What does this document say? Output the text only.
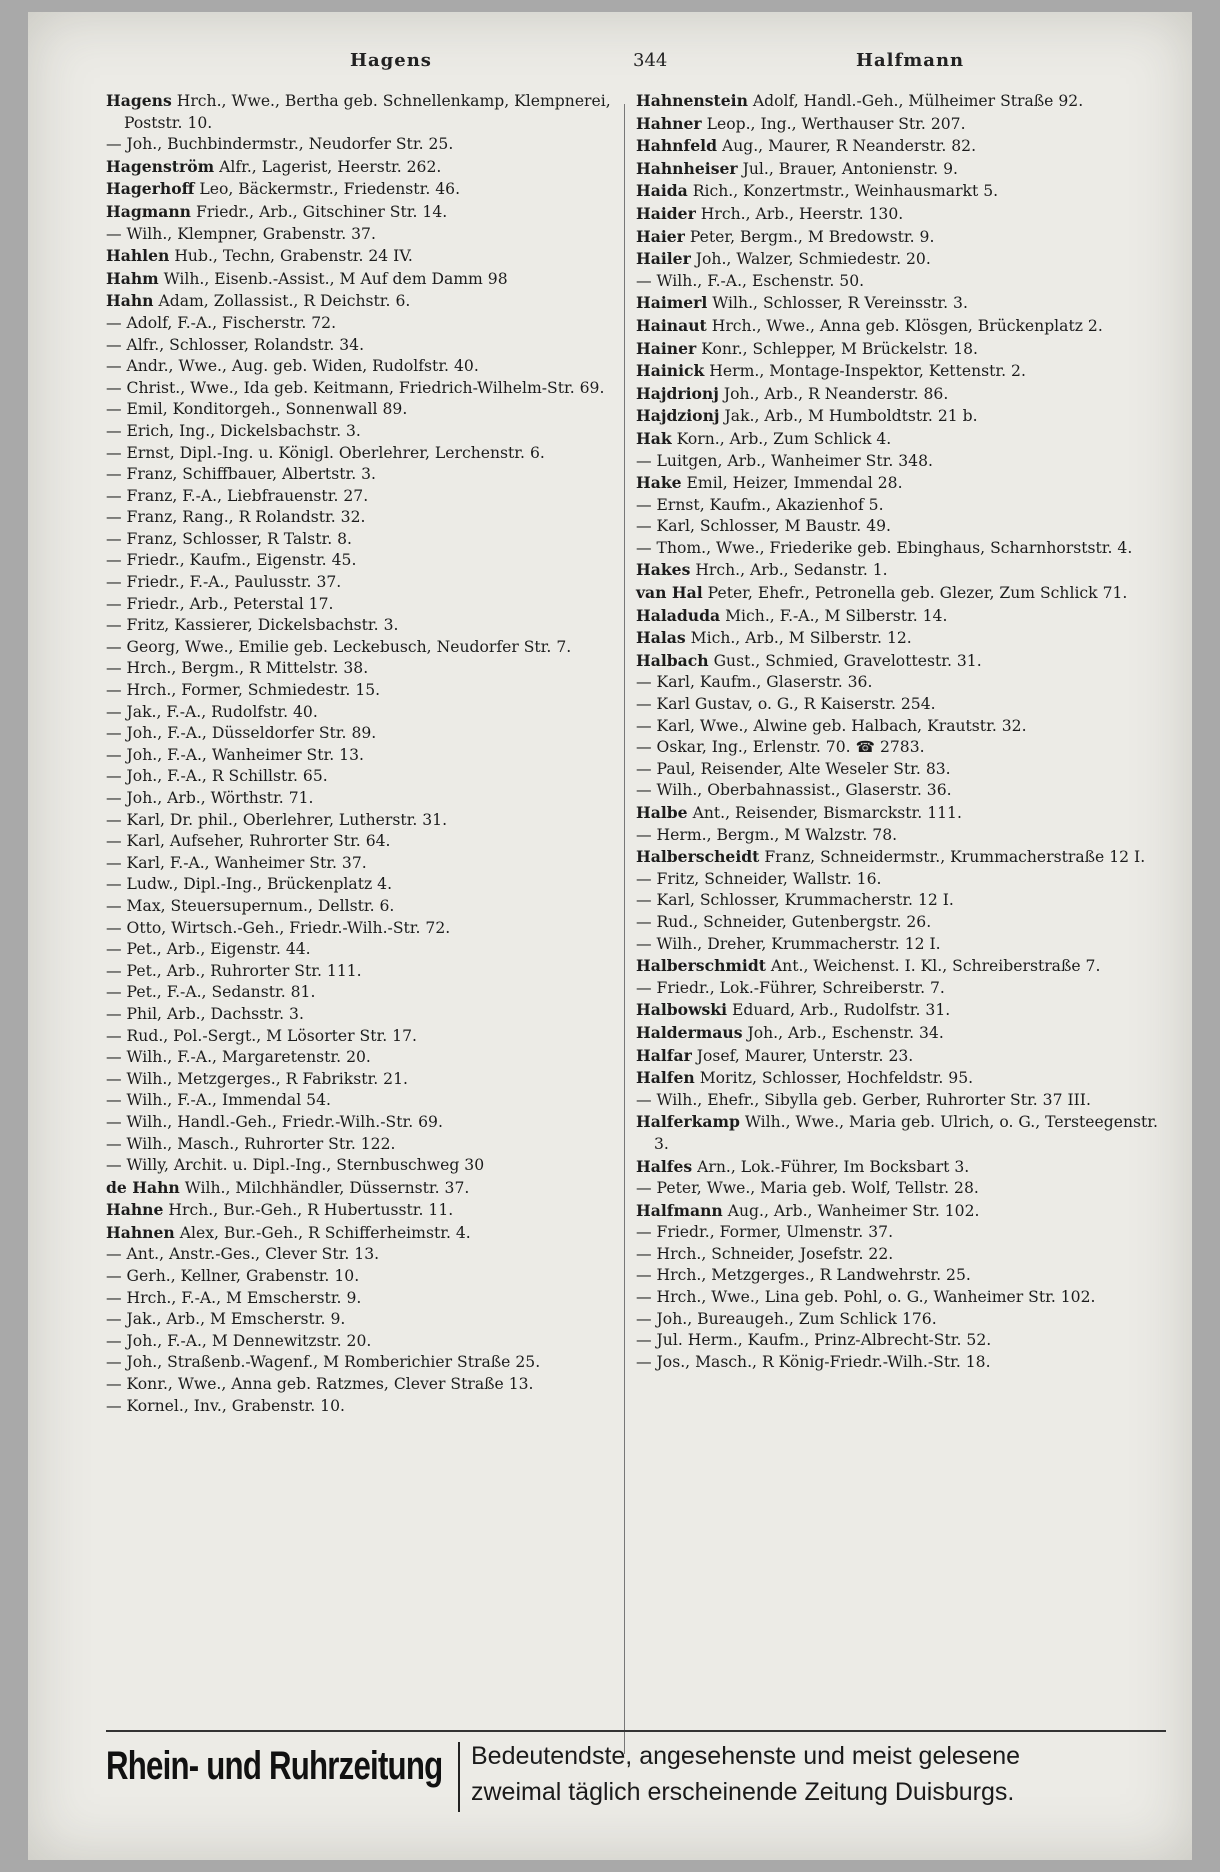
Hagens	344	Halfmann
Hagens Hrch., Wwe., Bertha geb. Schnellenkamp, Klempnerei, Poststr. 10.
— Joh., Buchbindermstr., Neudorfer Str. 25.
Hagenström Alfr., Lagerist, Heerstr. 262.
Hagerhoff Leo, Bäckermstr., Friedenstr. 46.
Hagmann Friedr., Arb., Gitschiner Str. 14.
— Wilh., Klempner, Grabenstr. 37.
Hahlen Hub., Techn, Grabenstr. 24 IV.
Hahm Wilh., Eisenb.-Assist., M Auf dem Damm 98
Hahn Adam, Zollassist., R Deichstr. 6.
— Adolf, F.-A., Fischerstr. 72.
— Alfr., Schlosser, Rolandstr. 34.
— Andr., Wwe., Aug. geb. Widen, Rudolfstr. 40.
— Christ., Wwe., Ida geb. Keitmann, Friedrich-Wilhelm-Str. 69.
— Emil, Konditorgeh., Sonnenwall 89.
— Erich, Ing., Dickelsbachstr. 3.
— Ernst, Dipl.-Ing. u. Königl. Oberlehrer, Lerchenstr. 6.
— Franz, Schiffbauer, Albertstr. 3.
— Franz, F.-A., Liebfrauenstr. 27.
— Franz, Rang., R Rolandstr. 32.
— Franz, Schlosser, R Talstr. 8.
— Friedr., Kaufm., Eigenstr. 45.
— Friedr., F.-A., Paulusstr. 37.
— Friedr., Arb., Peterstal 17.
— Fritz, Kassierer, Dickelsbachstr. 3.
— Georg, Wwe., Emilie geb. Leckebusch, Neudorfer Str. 7.
— Hrch., Bergm., R Mittelstr. 38.
— Hrch., Former, Schmiedestr. 15.
— Jak., F.-A., Rudolfstr. 40.
— Joh., F.-A., Düsseldorfer Str. 89.
— Joh., F.-A., Wanheimer Str. 13.
— Joh., F.-A., R Schillstr. 65.
— Joh., Arb., Wörthstr. 71.
— Karl, Dr. phil., Oberlehrer, Lutherstr. 31.
— Karl, Aufseher, Ruhrorter Str. 64.
— Karl, F.-A., Wanheimer Str. 37.
— Ludw., Dipl.-Ing., Brückenplatz 4.
— Max, Steuersupernum., Dellstr. 6.
— Otto, Wirtsch.-Geh., Friedr.-Wilh.-Str. 72.
— Pet., Arb., Eigenstr. 44.
— Pet., Arb., Ruhrorter Str. 111.
— Pet., F.-A., Sedanstr. 81.
— Phil, Arb., Dachsstr. 3.
— Rud., Pol.-Sergt., M Lösorter Str. 17.
— Wilh., F.-A., Margaretenstr. 20.
— Wilh., Metzgerges., R Fabrikstr. 21.
— Wilh., F.-A., Immendal 54.
— Wilh., Handl.-Geh., Friedr.-Wilh.-Str. 69.
— Wilh., Masch., Ruhrorter Str. 122.
— Willy, Archit. u. Dipl.-Ing., Sternbuschweg 30
de Hahn Wilh., Milchhändler, Düssernstr. 37.
Hahne Hrch., Bur.-Geh., R Hubertusstr. 11.
Hahnen Alex, Bur.-Geh., R Schifferheimstr. 4.
— Ant., Anstr.-Ges., Clever Str. 13.
— Gerh., Kellner, Grabenstr. 10.
— Hrch., F.-A., M Emscherstr. 9.
— Jak., Arb., M Emscherstr. 9.
— Joh., F.-A., M Dennewitzstr. 20.
— Joh., Straßenb.-Wagenf., M Romberichier Straße 25.
— Konr., Wwe., Anna geb. Ratzmes, Clever Straße 13.
— Kornel., Inv., Grabenstr. 10.
Hahnenstein Adolf, Handl.-Geh., Mülheimer Straße 92.
Hahner Leop., Ing., Werthauser Str. 207.
Hahnfeld Aug., Maurer, R Neanderstr. 82.
Hahnheiser Jul., Brauer, Antonienstr. 9.
Haida Rich., Konzertmstr., Weinhausmarkt 5.
Haider Hrch., Arb., Heerstr. 130.
Haier Peter, Bergm., M Bredowstr. 9.
Hailer Joh., Walzer, Schmiedestr. 20.
— Wilh., F.-A., Eschenstr. 50.
Haimerl Wilh., Schlosser, R Vereinsstr. 3.
Hainaut Hrch., Wwe., Anna geb. Klösgen, Brückenplatz 2.
Hainer Konr., Schlepper, M Brückelstr. 18.
Hainick Herm., Montage-Inspektor, Kettenstr. 2.
Hajdrionj Joh., Arb., R Neanderstr. 86.
Hajdzionj Jak., Arb., M Humboldtstr. 21 b.
Hak Korn., Arb., Zum Schlick 4.
— Luitgen, Arb., Wanheimer Str. 348.
Hake Emil, Heizer, Immendal 28.
— Ernst, Kaufm., Akazienhof 5.
— Karl, Schlosser, M Baustr. 49.
— Thom., Wwe., Friederike geb. Ebinghaus, Scharnhorststr. 4.
Hakes Hrch., Arb., Sedanstr. 1.
van Hal Peter, Ehefr., Petronella geb. Glezer, Zum Schlick 71.
Haladuda Mich., F.-A., M Silberstr. 14.
Halas Mich., Arb., M Silberstr. 12.
Halbach Gust., Schmied, Gravelottestr. 31.
— Karl, Kaufm., Glaserstr. 36.
— Karl Gustav, o. G., R Kaiserstr. 254.
— Karl, Wwe., Alwine geb. Halbach, Krautstr. 32.
— Oskar, Ing., Erlenstr. 70. ☎ 2783.
— Paul, Reisender, Alte Weseler Str. 83.
— Wilh., Oberbahnassist., Glaserstr. 36.
Halbe Ant., Reisender, Bismarckstr. 111.
— Herm., Bergm., M Walzstr. 78.
Halberscheidt Franz, Schneidermstr., Krummacherstraße 12 I.
— Fritz, Schneider, Wallstr. 16.
— Karl, Schlosser, Krummacherstr. 12 I.
— Rud., Schneider, Gutenbergstr. 26.
— Wilh., Dreher, Krummacherstr. 12 I.
Halberschmidt Ant., Weichenst. I. Kl., Schreiberstraße 7.
— Friedr., Lok.-Führer, Schreiberstr. 7.
Halbowski Eduard, Arb., Rudolfstr. 31.
Haldermaus Joh., Arb., Eschenstr. 34.
Halfar Josef, Maurer, Unterstr. 23.
Halfen Moritz, Schlosser, Hochfeldstr. 95.
— Wilh., Ehefr., Sibylla geb. Gerber, Ruhrorter Str. 37 III.
Halferkamp Wilh., Wwe., Maria geb. Ulrich, o. G., Tersteegenstr. 3.
Halfes Arn., Lok.-Führer, Im Bocksbart 3.
— Peter, Wwe., Maria geb. Wolf, Tellstr. 28.
Halfmann Aug., Arb., Wanheimer Str. 102.
— Friedr., Former, Ulmenstr. 37.
— Hrch., Schneider, Josefstr. 22.
— Hrch., Metzgerges., R Landwehrstr. 25.
— Hrch., Wwe., Lina geb. Pohl, o. G., Wanheimer Str. 102.
— Joh., Bureaugeh., Zum Schlick 176.
— Jul. Herm., Kaufm., Prinz-Albrecht-Str. 52.
— Jos., Masch., R König-Friedr.-Wilh.-Str. 18.
Rhein- und Ruhrzeitung Bedeutendste, angesehenste und meist gelesene
zweimal täglich erscheinende Zeitung Duisburgs.
